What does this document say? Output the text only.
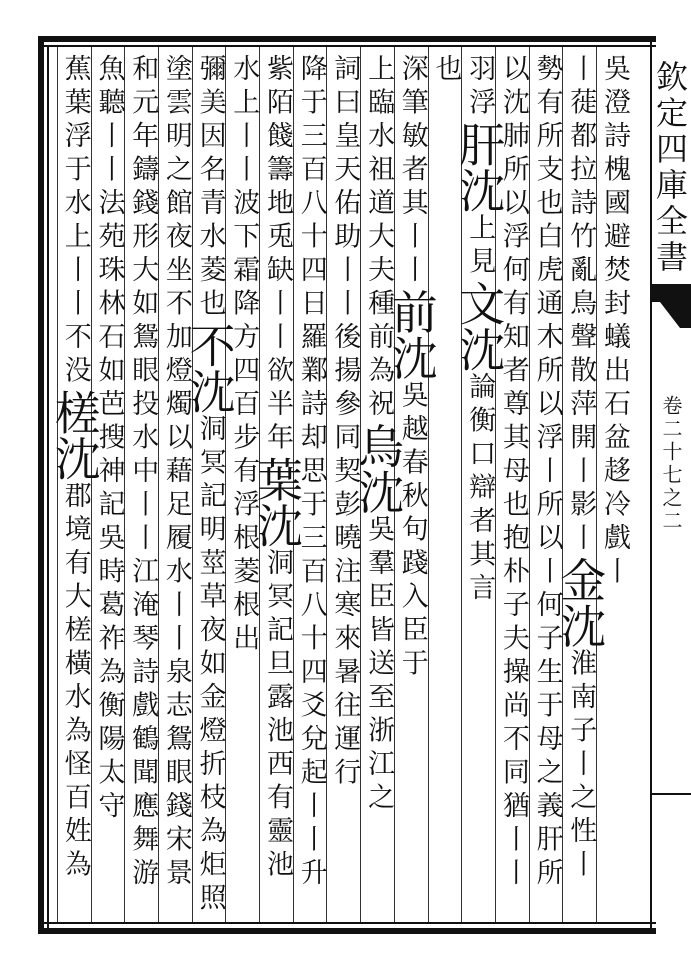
欽定四庫全書
卷二十七之二
吳澄詩槐國避焚封蟻出石盆趍冷戲丨
丨蓰都拉詩竹亂鳥聲散萍開丨影丨金沈淮南子丨之性丨
勢有所支也白虎通木所以浮丨所以丨何子生于母之義肝所
以沈肺所以浮何有知者尊其母也抱朴子夫操尚不同猶丨丨
羽浮肝沈上見文沈論衡口辯者其言
也
深筆敏者其丨丨前沈吳越春秋句踐入臣于
上臨水祖道大夫種前為祝烏沈吳羣臣皆送至浙江之
詞曰皇天佑助丨丨後揚參同契彭曉注寒來暑往運行
降于三百八十四日羅鄴詩却思于三百八十四爻兌起丨丨升
紫陌餞籌地兎缺丨丨欲半年葉沈洞冥記旦露池西有靈池
水上丨丨波下霜降方四百步有浮根菱根出
彌美因名青水菱也不沈洞冥記明莖草夜如金燈折枝為炬照
塗雲明之館夜坐不加燈燭以藉足履水丨丨泉志鴛眼錢宋景
和元年鑄錢形大如鴛眼投水中丨丨江淹琴詩戲鶴聞應舞游
魚聽丨丨法苑珠林石如芭搜神記吳時葛祚為衡陽太守
蕉葉浮于水上丨丨不没槎沈郡境有大槎橫水為怪百姓為
